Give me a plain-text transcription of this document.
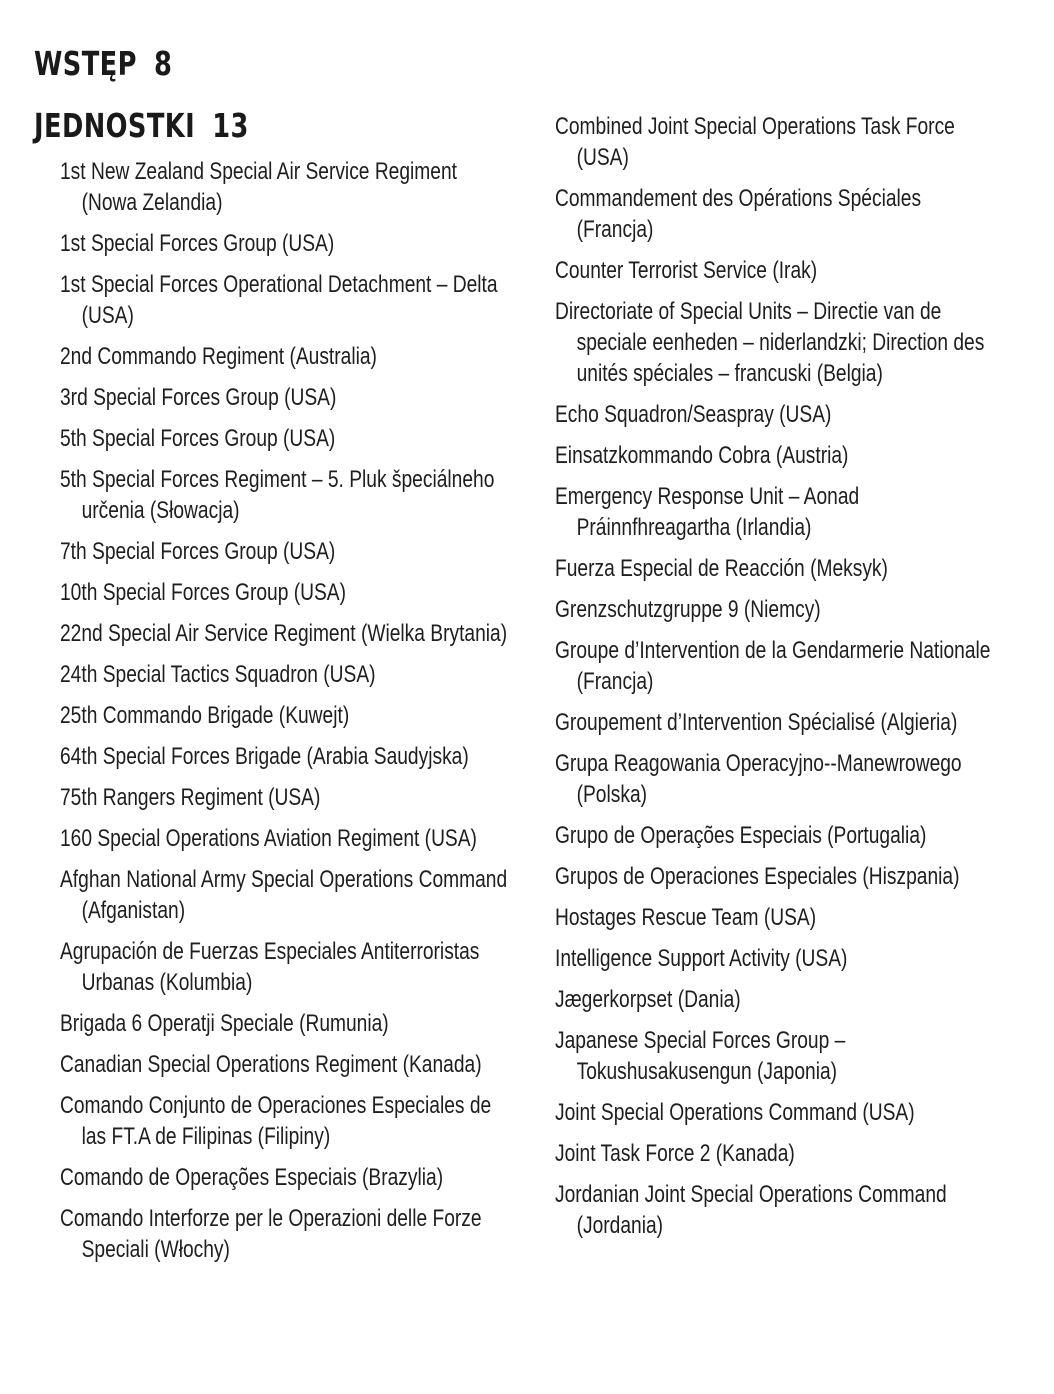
WSTĘP 8
JEDNOSTKI 13

1st New Zealand Special Air Service Regiment (Nowa Zelandia)

1st Special Forces Group (USA)

1st Special Forces Operational Detachment – Delta (USA)

2nd Commando Regiment (Australia)

3rd Special Forces Group (USA)

5th Special Forces Group (USA)

5th Special Forces Regiment – 5. Pluk špeciálneho určenia (Słowacja)

7th Special Forces Group (USA)

10th Special Forces Group (USA)

22nd Special Air Service Regiment (Wielka Brytania)

24th Special Tactics Squadron (USA)

25th Commando Brigade (Kuwejt)

64th Special Forces Brigade (Arabia Saudyjska)

75th Rangers Regiment (USA)

160 Special Operations Aviation Regiment (USA)

Afghan National Army Special Operations Command (Afganistan)

Agrupación de Fuerzas Especiales Antiterroristas Urbanas (Kolumbia)

Brigada 6 Operatji Speciale (Rumunia)

Canadian Special Operations Regiment (Kanada)

Comando Conjunto de Operaciones Especiales de las FT.A de Filipinas (Filipiny)

Comando de Operações Especiais (Brazylia)

Comando Interforze per le Operazioni delle Forze Speciali (Włochy)

Combined Joint Special Operations Task Force (USA)

Commandement des Opérations Spéciales (Francja)

Counter Terrorist Service (Irak)

Directoriate of Special Units – Directie van de speciale eenheden – niderlandzki; Direction des unités spéciales – francuski (Belgia)

Echo Squadron/Seaspray (USA)

Einsatzkommando Cobra (Austria)

Emergency Response Unit – Aonad Práinnfhreagartha (Irlandia)

Fuerza Especial de Reacción (Meksyk)

Grenzschutzgruppe 9 (Niemcy)

Groupe d’Intervention de la Gendarmerie Nationale (Francja)

Groupement d’Intervention Spécialisé (Algieria)

Grupa Reagowania Operacyjno--Manewrowego (Polska)

Grupo de Operações Especiais (Portugalia)

Grupos de Operaciones Especiales (Hiszpania)

Hostages Rescue Team (USA)

Intelligence Support Activity (USA)

Jægerkorpset (Dania)

Japanese Special Forces Group – Tokushusakusengun (Japonia)

Joint Special Operations Command (USA)

Joint Task Force 2 (Kanada)

Jordanian Joint Special Operations Command (Jordania)
